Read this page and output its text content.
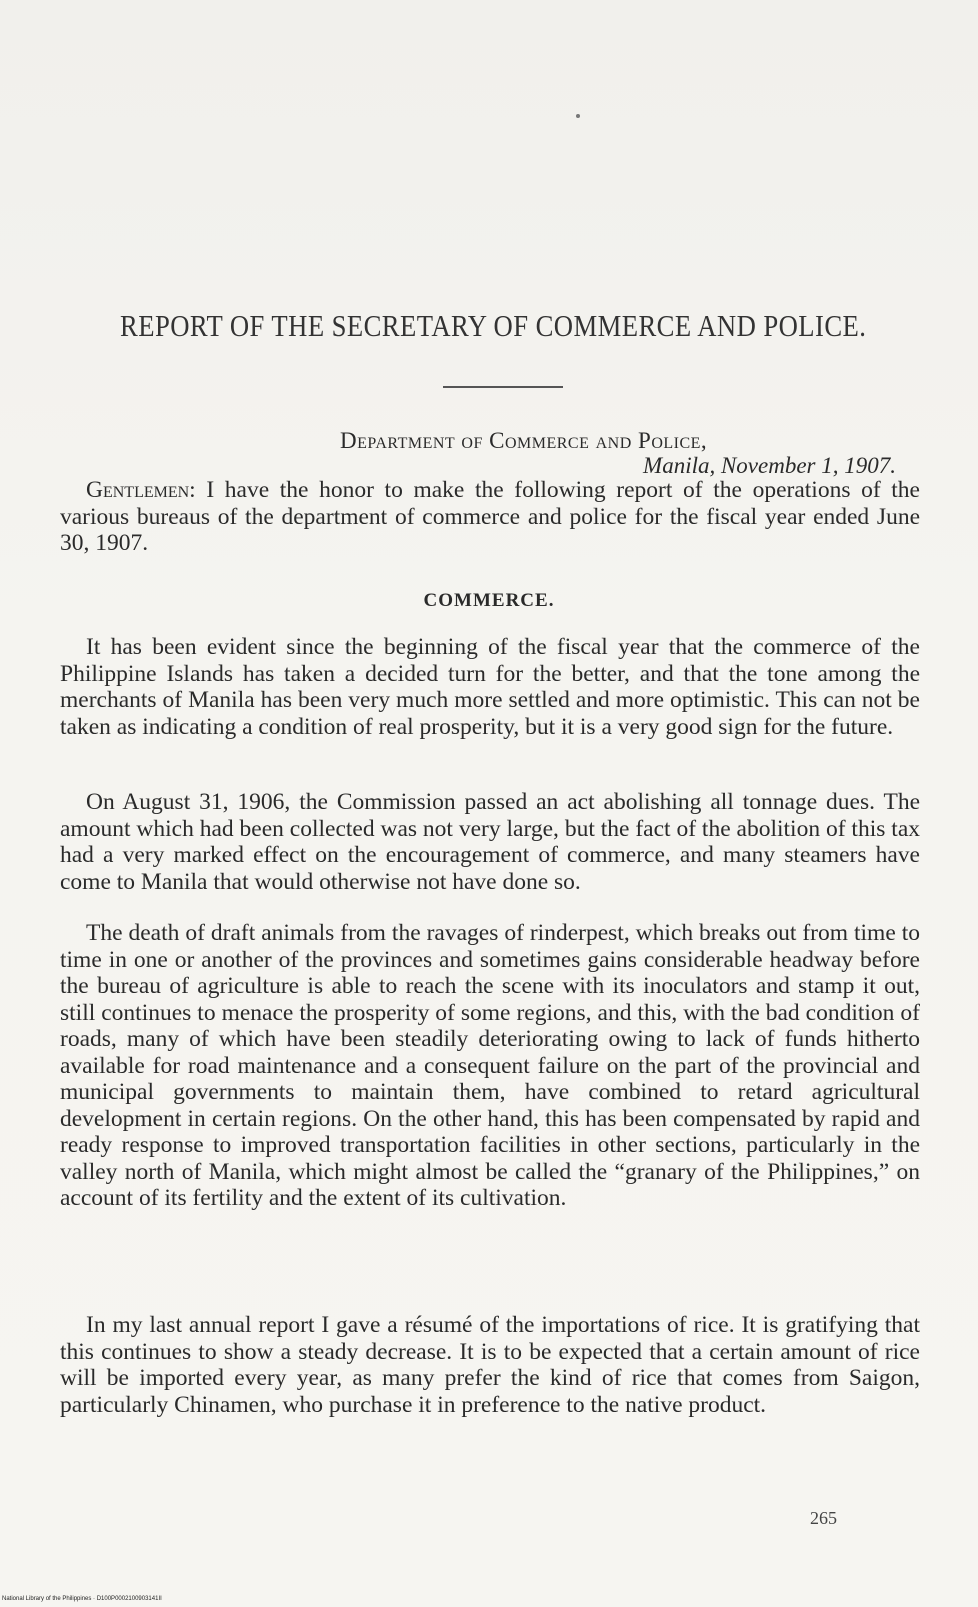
REPORT OF THE SECRETARY OF COMMERCE AND POLICE.
Department of Commerce and Police,
Manila, November 1, 1907.

Gentlemen: I have the honor to make the following report of the operations of the various bureaus of the department of commerce and police for the fiscal year ended June 30, 1907.

COMMERCE.

It has been evident since the beginning of the fiscal year that the commerce of the Philippine Islands has taken a decided turn for the better, and that the tone among the merchants of Manila has been very much more settled and more optimistic. This can not be taken as indicating a condition of real prosperity, but it is a very good sign for the future.

On August 31, 1906, the Commission passed an act abolishing all tonnage dues. The amount which had been collected was not very large, but the fact of the abolition of this tax had a very marked effect on the encouragement of commerce, and many steamers have come to Manila that would otherwise not have done so.

The death of draft animals from the ravages of rinderpest, which breaks out from time to time in one or another of the provinces and sometimes gains considerable headway before the bureau of agriculture is able to reach the scene with its inoculators and stamp it out, still continues to menace the prosperity of some regions, and this, with the bad condition of roads, many of which have been steadily deteriorating owing to lack of funds hitherto available for road maintenance and a consequent failure on the part of the provincial and municipal governments to maintain them, have combined to retard agricultural development in certain regions. On the other hand, this has been compensated by rapid and ready response to improved transportation facilities in other sections, particularly in the valley north of Manila, which might almost be called the “granary of the Philippines,” on account of its fertility and the extent of its cultivation.

In my last annual report I gave a résumé of the importations of rice. It is gratifying that this continues to show a steady decrease. It is to be expected that a certain amount of rice will be imported every year, as many prefer the kind of rice that comes from Saigon, particularly Chinamen, who purchase it in preference to the native product.

265
National Library of the Philippines · D100P0002100903141II
